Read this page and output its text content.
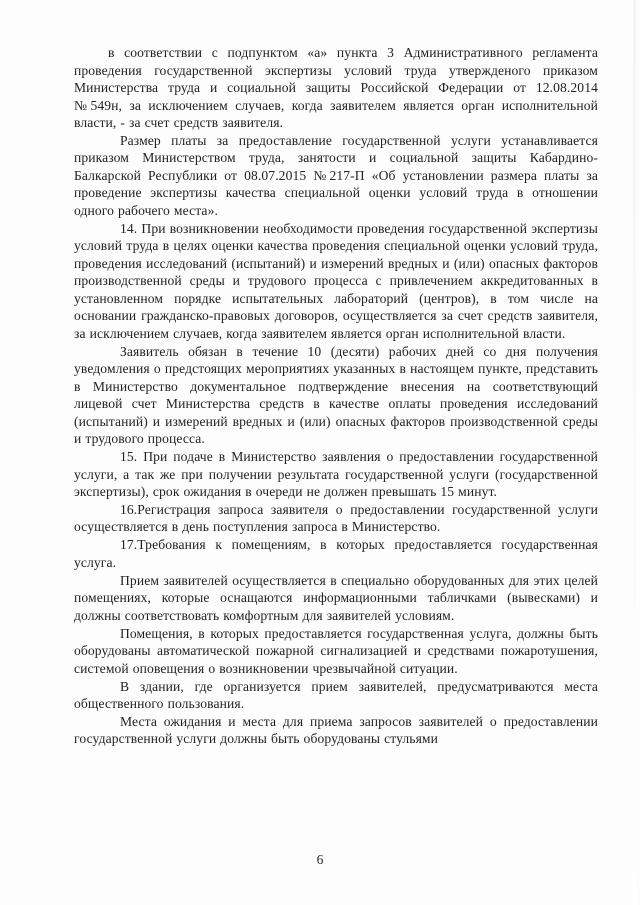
в соответствии с подпунктом «а» пункта 3 Административного регламента проведения государственной экспертизы условий труда утвержденого приказом Министерства труда и социальной защиты Российской Федерации от 12.08.2014 №549н, за исключением случаев, когда заявителем является орган исполнительной власти, - за счет средств заявителя.

Размер платы за предоставление государственной услуги устанавливается приказом Министерством труда, занятости и социальной защиты Кабардино-Балкарской Республики от 08.07.2015 №217-П «Об установлении размера платы за проведение экспертизы качества специальной оценки условий труда в отношении одного рабочего места».

14. При возникновении необходимости проведения государственной экспертизы условий труда в целях оценки качества проведения специальной оценки условий труда, проведения исследований (испытаний) и измерений вредных и (или) опасных факторов производственной среды и трудового процесса с привлечением аккредитованных в установленном порядке испытательных лабораторий (центров), в том числе на основании гражданско-правовых договоров, осуществляется за счет средств заявителя, за исключением случаев, когда заявителем является орган исполнительной власти.

Заявитель обязан в течение 10 (десяти) рабочих дней со дня получения уведомления о предстоящих мероприятиях указанных в настоящем пункте, представить в Министерство документальное подтверждение внесения на соответствующий лицевой счет Министерства средств в качестве оплаты проведения исследований (испытаний) и измерений вредных и (или) опасных факторов производственной среды и трудового процесса.

15. При подаче в Министерство заявления о предоставлении государственной услуги, а так же при получении результата государственной услуги (государственной экспертизы), срок ожидания в очереди не должен превышать 15 минут.

16.Регистрация запроса заявителя о предоставлении государственной услуги осуществляется в день поступления запроса в Министерство.

17.Требования к помещениям, в которых предоставляется государственная услуга.

Прием заявителей осуществляется в специально оборудованных для этих целей помещениях, которые оснащаются информационными табличками (вывесками) и должны соответствовать комфортным для заявителей условиям.

Помещения, в которых предоставляется государственная услуга, должны быть оборудованы автоматической пожарной сигнализацией и средствами пожаротушения, системой оповещения о возникновении чрезвычайной ситуации.

В здании, где организуется прием заявителей, предусматриваются места общественного пользования.

Места ожидания и места для приема запросов заявителей о предоставлении государственной услуги должны быть оборудованы стульями

6
